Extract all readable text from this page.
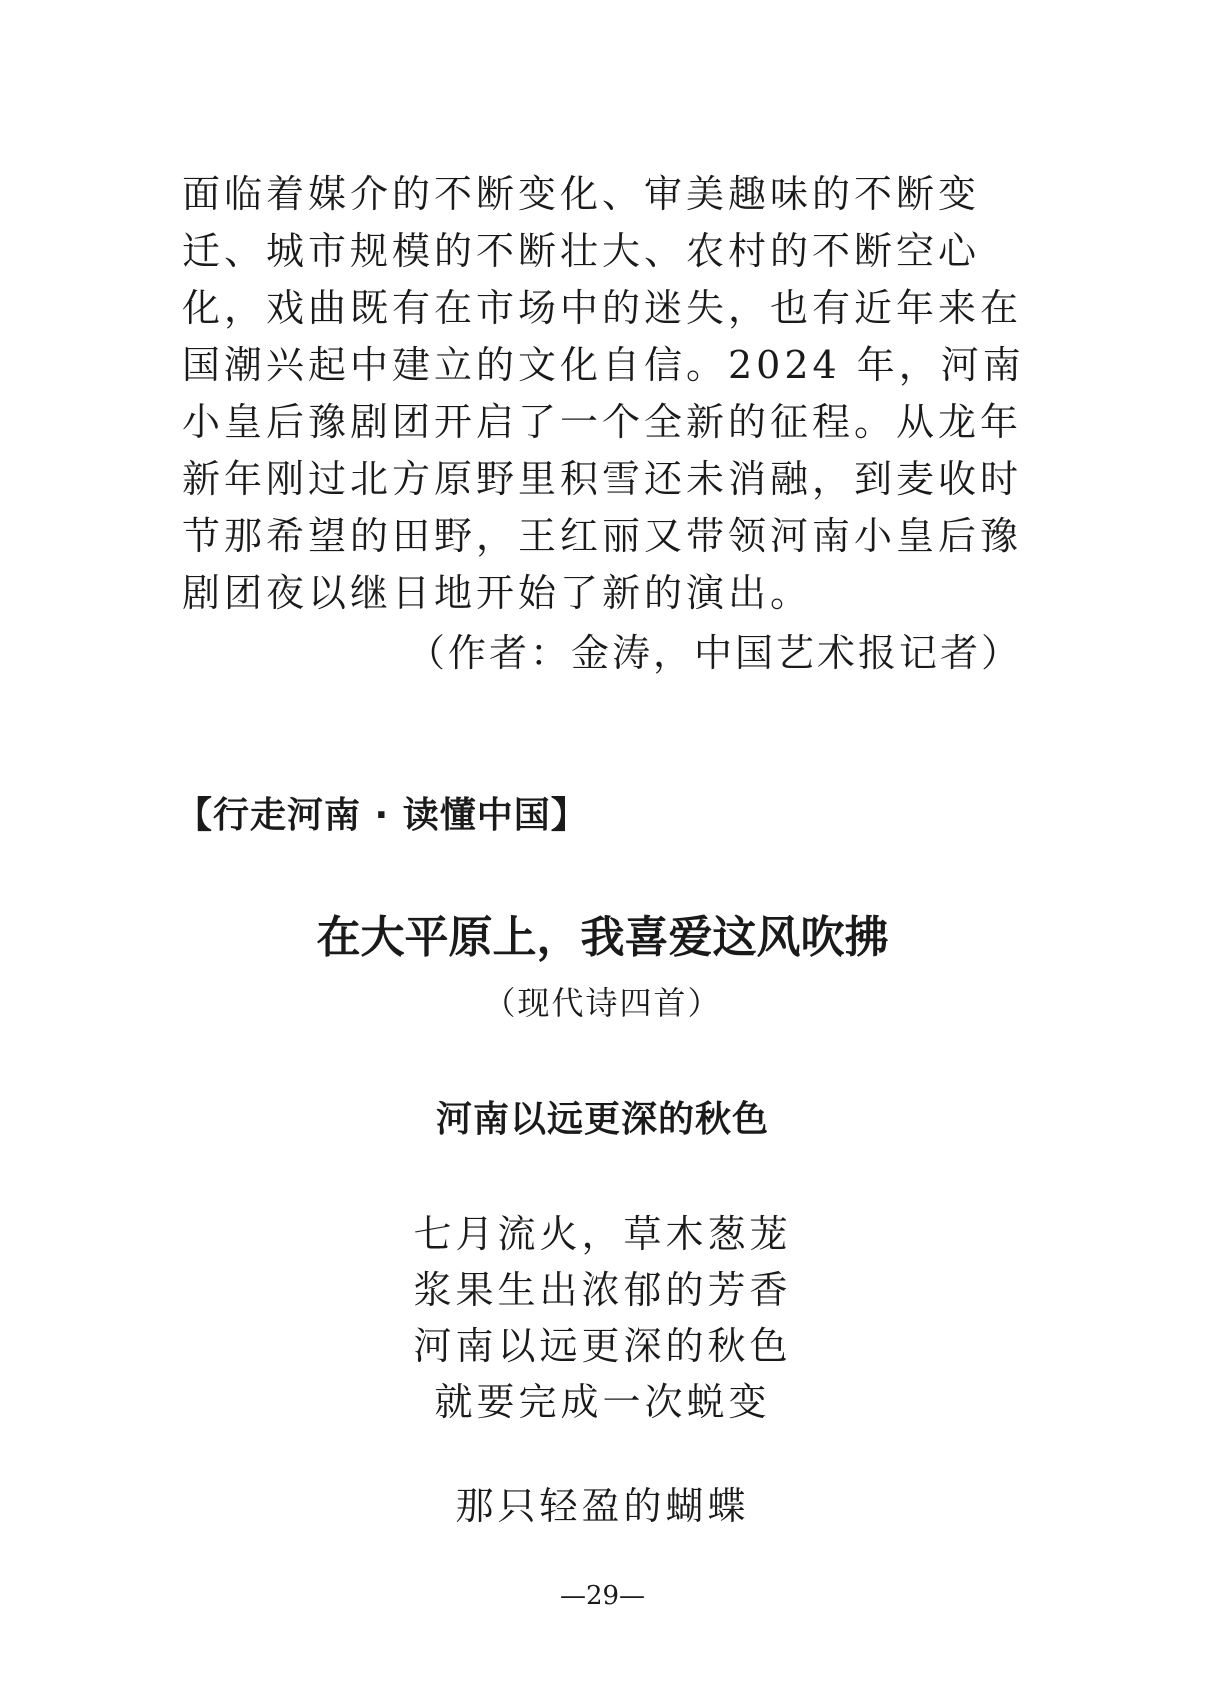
面临着媒介的不断变化、审美趣味的不断变迁、城市规模的不断壮大、农村的不断空心化，戏曲既有在市场中的迷失，也有近年来在国潮兴起中建立的文化自信。2024 年，河南小皇后豫剧团开启了一个全新的征程。从龙年新年刚过北方原野里积雪还未消融，到麦收时节那希望的田野，王红丽又带领河南小皇后豫剧团夜以继日地开始了新的演出。

（作者：金涛，中国艺术报记者）
【行走河南 · 读懂中国】
在大平原上，我喜爱这风吹拂
（现代诗四首）
河南以远更深的秋色
七月流火，草木葱茏
浆果生出浓郁的芳香
河南以远更深的秋色
就要完成一次蜕变
那只轻盈的蝴蝶
—29—
